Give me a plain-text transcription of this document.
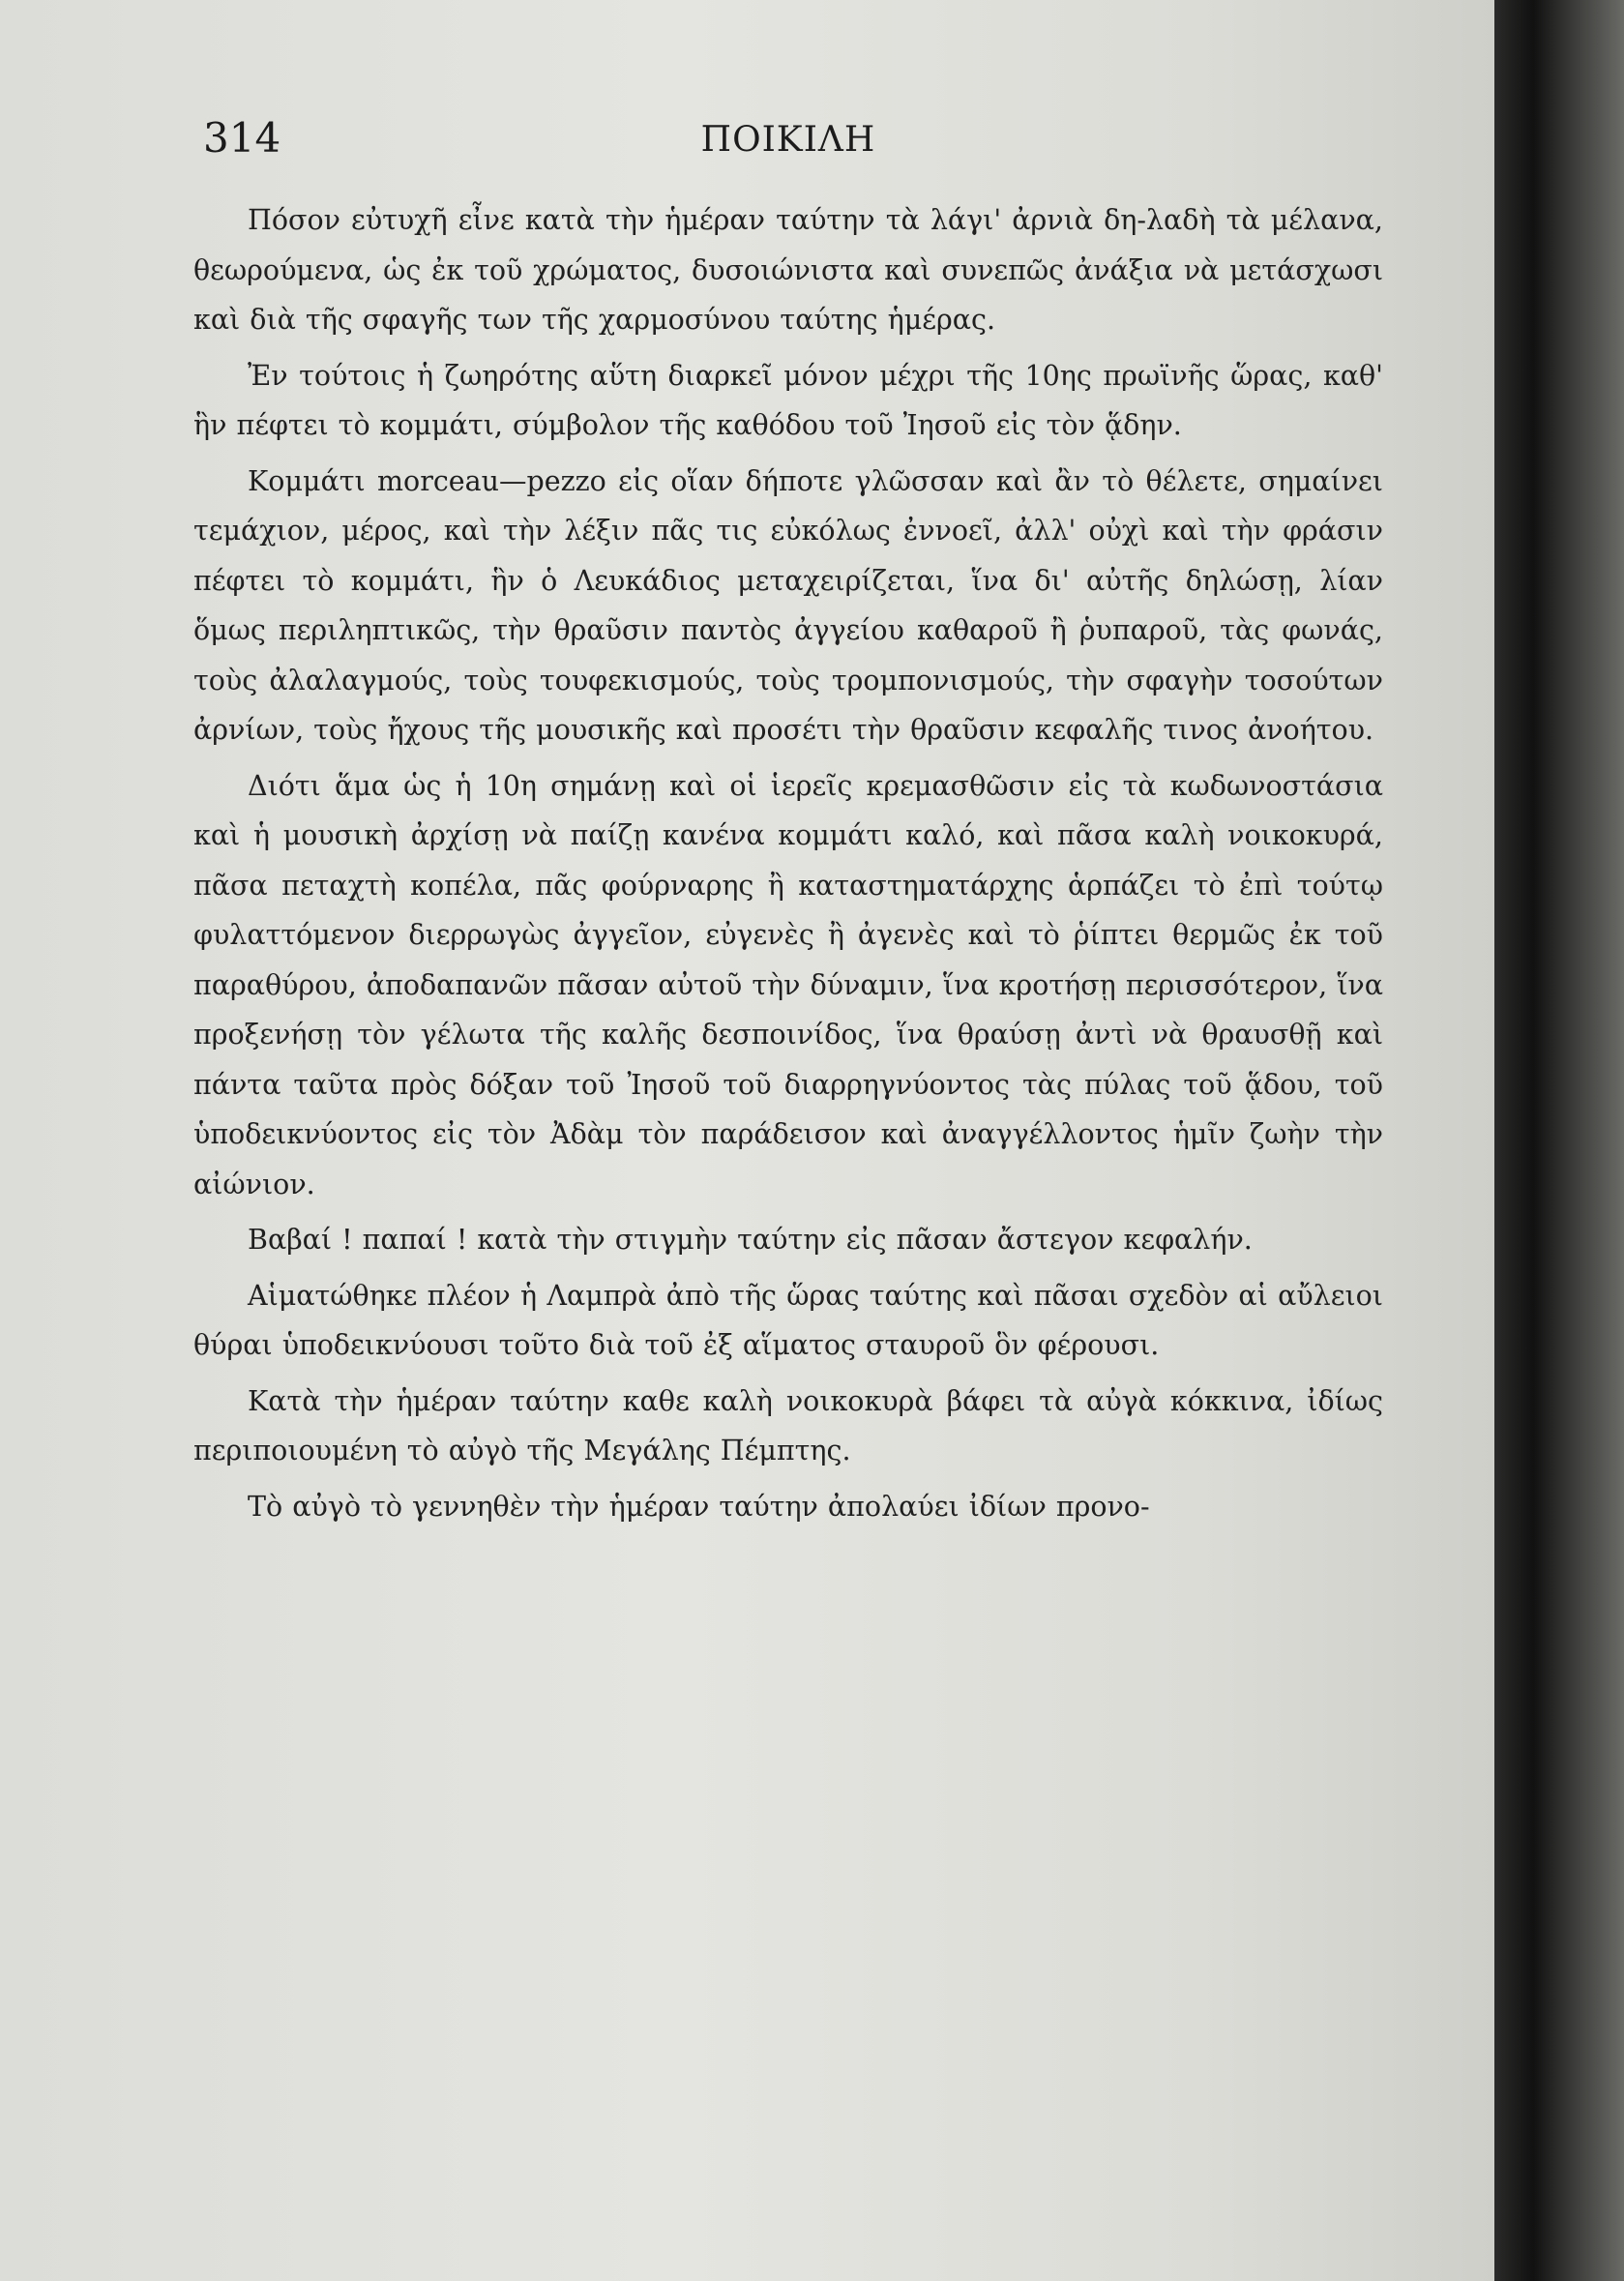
314	ΠΟΙΚΙΛΗ

Πόσον εὐτυχῆ εἶνε κατὰ τὴν ἡμέραν ταύτην τὰ λάγι' ἀρνιὰ δη-λαδὴ τὰ μέλανα, θεωρούμενα, ὡς ἐκ τοῦ χρώματος, δυσοιώνιστα καὶ συνεπῶς ἀνάξια νὰ μετάσχωσι καὶ διὰ τῆς σφαγῆς των τῆς χαρμοσύνου ταύτης ἡμέρας.

Ἐν τούτοις ἡ ζωηρότης αὕτη διαρκεῖ μόνον μέχρι τῆς 10ης πρωϊνῆς ὥρας, καθ' ἣν πέφτει τὸ κομμάτι, σύμβολον τῆς καθόδου τοῦ Ἰησοῦ εἰς τὸν ᾅδην.

Κομμάτι morceau—pezzo εἰς οἵαν δήποτε γλῶσσαν καὶ ἂν τὸ θέλετε, σημαίνει τεμάχιον, μέρος, καὶ τὴν λέξιν πᾶς τις εὐκόλως ἐννοεῖ, ἀλλ' οὐχὶ καὶ τὴν φράσιν πέφτει τὸ κομμάτι, ἣν ὁ Λευκάδιος μεταχειρίζεται, ἵνα δι' αὐτῆς δηλώσῃ, λίαν ὅμως περιληπτικῶς, τὴν θραῦσιν παντὸς ἀγγείου καθαροῦ ἢ ῥυπαροῦ, τὰς φωνάς, τοὺς ἀλαλαγμούς, τοὺς τουφεκισμούς, τοὺς τρομπονισμούς, τὴν σφαγὴν τοσούτων ἀρνίων, τοὺς ἤχους τῆς μουσικῆς καὶ προσέτι τὴν θραῦσιν κεφαλῆς τινος ἀνοήτου.

Διότι ἅμα ὡς ἡ 10η σημάνῃ καὶ οἱ ἱερεῖς κρεμασθῶσιν εἰς τὰ κωδωνοστάσια καὶ ἡ μουσικὴ ἀρχίσῃ νὰ παίζῃ κανένα κομμάτι καλό, καὶ πᾶσα καλὴ νοικοκυρά, πᾶσα πεταχτὴ κοπέλα, πᾶς φούρναρης ἢ καταστηματάρχης ἁρπάζει τὸ ἐπὶ τούτῳ φυλαττόμενον διερρωγὼς ἀγγεῖον, εὐγενὲς ἢ ἀγενὲς καὶ τὸ ῥίπτει θερμῶς ἐκ τοῦ παραθύρου, ἀποδαπανῶν πᾶσαν αὐτοῦ τὴν δύναμιν, ἵνα κροτήσῃ περισσότερον, ἵνα προξενήσῃ τὸν γέλωτα τῆς καλῆς δεσποινίδος, ἵνα θραύσῃ ἀντὶ νὰ θραυσθῇ καὶ πάντα ταῦτα πρὸς δόξαν τοῦ Ἰησοῦ τοῦ διαρρηγνύοντος τὰς πύλας τοῦ ᾅδου, τοῦ ὑποδεικνύοντος εἰς τὸν Ἀδὰμ τὸν παράδεισον καὶ ἀναγγέλλοντος ἡμῖν ζωὴν τὴν αἰώνιον.

Βαβαί ! παπαί ! κατὰ τὴν στιγμὴν ταύτην εἰς πᾶσαν ἄστεγον κεφαλήν.

Αἱματώθηκε πλέον ἡ Λαμπρὰ ἀπὸ τῆς ὥρας ταύτης καὶ πᾶσαι σχεδὸν αἱ αὔλειοι θύραι ὑποδεικνύουσι τοῦτο διὰ τοῦ ἐξ αἵματος σταυροῦ ὃν φέρουσι.

Κατὰ τὴν ἡμέραν ταύτην καθε καλὴ νοικοκυρὰ βάφει τὰ αὐγὰ κόκκινα, ἰδίως περιποιουμένη τὸ αὐγὸ τῆς Μεγάλης Πέμπτης.

Τὸ αὐγὸ τὸ γεννηθὲν τὴν ἡμέραν ταύτην ἀπολαύει ἰδίων προνο-
